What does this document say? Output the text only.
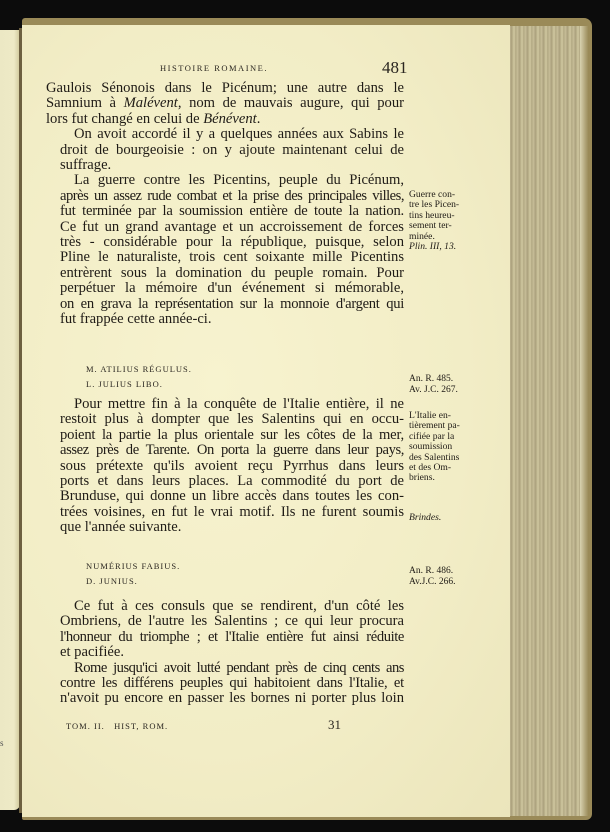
s
HISTOIRE ROMAINE.	481

Gaulois Sénonois dans le Picénum; une autre dans le
Samnium à Malévent, nom de mauvais augure, qui pour
lors fut changé en celui de Bénévent.

On avoit accordé il y a quelques années aux Sabins le
droit de bourgeoisie : on y ajoute maintenant celui de
suffrage.

La guerre contre les Picentins, peuple du Picénum,
après un assez rude combat et la prise des principales villes,
fut terminée par la soumission entière de toute la nation.
Ce fut un grand avantage et un accroissement de forces
très - considérable pour la république, puisque, selon
Pline le naturaliste, trois cent soixante mille Picentins
entrèrent sous la domination du peuple romain. Pour
perpétuer la mémoire d'un événement si mémorable,
on en grava la représentation sur la monnoie d'argent qui
fut frappée cette année-ci.

Guerre con-
tre les Picen-
tins heureu-
sement ter-
minée.
Plin. III, 13.
M. ATILIUS RÉGULUS.
L. JULIUS LIBO.	An. R. 485.
Av. J.C. 267.

Pour mettre fin à la conquête de l'Italie entière, il ne
restoit plus à dompter que les Salentins qui en occu-
poient la partie la plus orientale sur les côtes de la mer,
assez près de Tarente. On porta la guerre dans leur pays,
sous prétexte qu'ils avoient reçu Pyrrhus dans leurs
ports et dans leurs places. La commodité du port de
Brunduse, qui donne un libre accès dans toutes les con-
trées voisines, en fut le vrai motif. Ils ne furent soumis
que l'année suivante.

L'Italie en-
tièrement pa-
cifiée par la
soumission
des Salentins
et des Om-
briens.
Brindes.
NUMÉRIUS FABIUS.
D. JUNIUS.
An. R. 486.
Av.J.C. 266.

Ce fut à ces consuls que se rendirent, d'un côté les
Ombriens, de l'autre les Salentins ; ce qui leur procura
l'honneur du triomphe ; et l'Italie entière fut ainsi réduite
et pacifiée.

Rome jusqu'ici avoit lutté pendant près de cinq cents ans
contre les différens peuples qui habitoient dans l'Italie, et
n'avoit pu encore en passer les bornes ni porter plus loin

TOM. II.   HIST, ROM.	31
